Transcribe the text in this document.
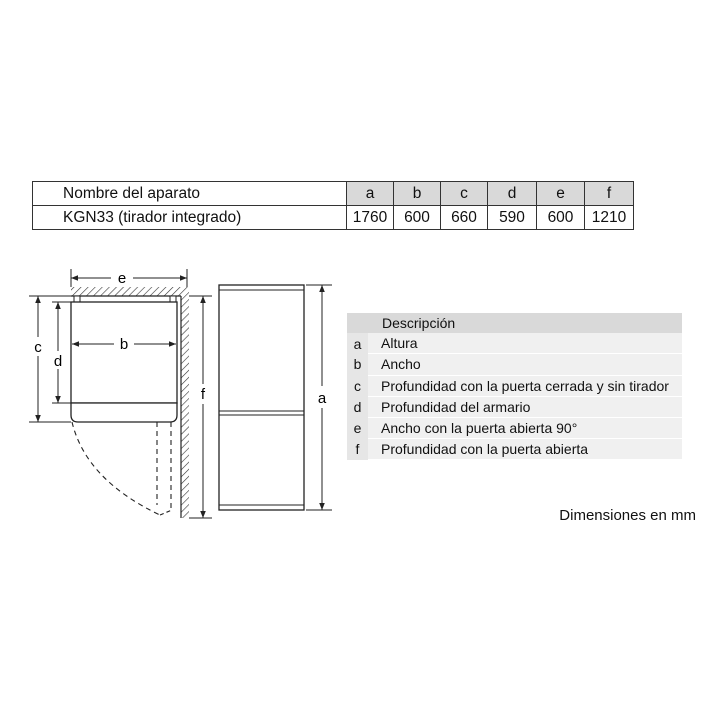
Nombre del aparato	a	b	c	d	e	f
KGN33 (tirador integrado)	1760	600	660	590	600	1210
e
b
c
d
f	a
	Descripción
a	Altura
b	Ancho
c	Profundidad con la puerta cerrada y sin tirador
d	Profundidad del armario
e	Ancho con la puerta abierta 90°
f	Profundidad con la puerta abierta
Dimensiones en mm
